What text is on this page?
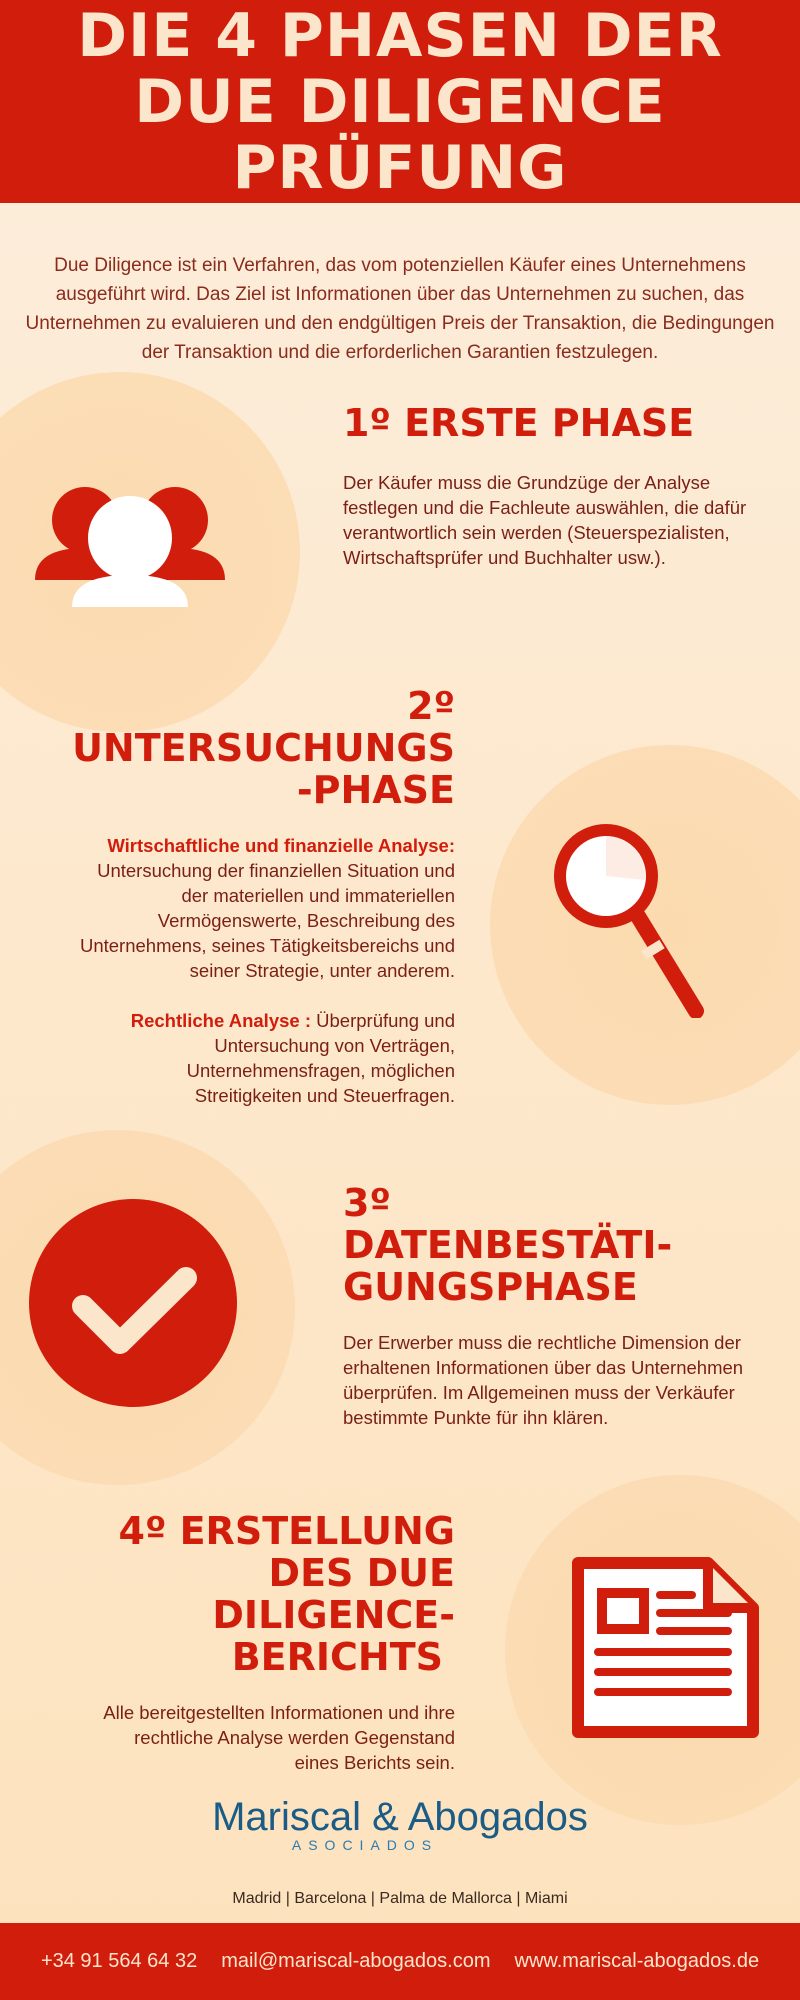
DIE 4 PHASEN DER DUE DILIGENCE PRÜFUNG

Due Diligence ist ein Verfahren, das vom potenziellen Käufer eines Unternehmens ausgeführt wird. Das Ziel ist Informationen über das Unternehmen zu suchen, das Unternehmen zu evaluieren und den endgültigen Preis der Transaktion, die Bedingungen der Transaktion und die erforderlichen Garantien festzulegen.

1º ERSTE PHASE

Der Käufer muss die Grundzüge der Analyse festlegen und die Fachleute auswählen, die dafür verantwortlich sein werden (Steuerspezialisten, Wirtschaftsprüfer und Buchhalter usw.).

2º
UNTERSUCHUNGS
-PHASE

Wirtschaftliche und finanzielle Analyse: Untersuchung der finanziellen Situation und der materiellen und immateriellen Vermögenswerte, Beschreibung des Unternehmens, seines Tätigkeitsbereichs und seiner Strategie, unter anderem.

Rechtliche Analyse : Überprüfung und Untersuchung von Verträgen, Unternehmensfragen, möglichen Streitigkeiten und Steuerfragen.

3º
DATENBESTÄTI-
GUNGSPHASE

Der Erwerber muss die rechtliche Dimension der erhaltenen Informationen über das Unternehmen überprüfen. Im Allgemeinen muss der Verkäufer bestimmte Punkte für ihn klären.

4º ERSTELLUNG
DES DUE
DILIGENCE-
BERICHTS

Alle bereitgestellten Informationen und ihre rechtliche Analyse werden Gegenstand eines Berichts sein.

Mariscal & Abogados
ASOCIADOS
Madrid | Barcelona | Palma de Mallorca | Miami
+34 91 564 64 32 mail@mariscal-abogados.com www.mariscal-abogados.de
